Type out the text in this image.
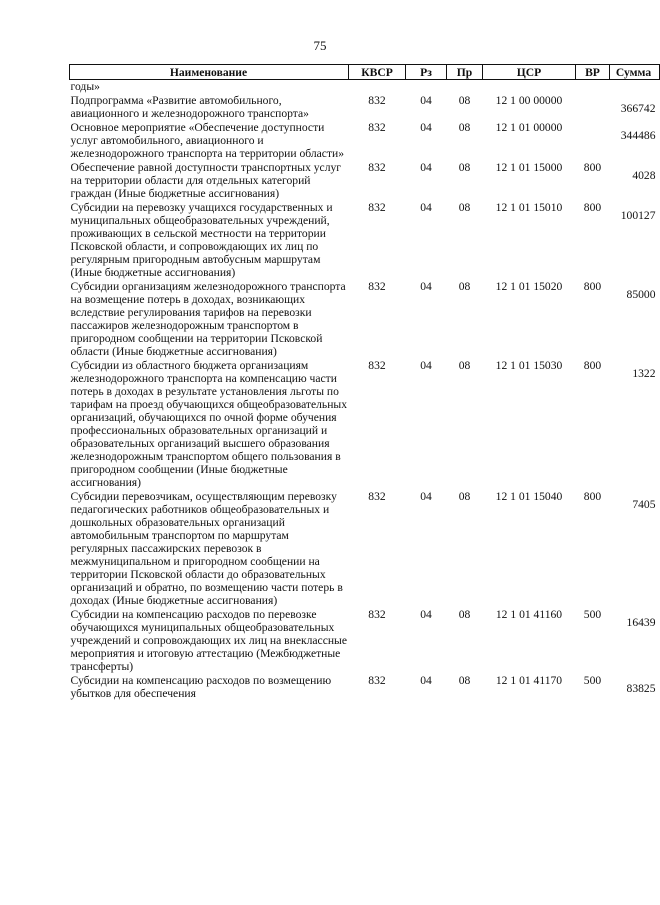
75
Наименование	КВСР	Рз	Пр	ЦСР	ВР	Сумма
годы»						
Подпрограмма «Развитие автомобильного, авиационного и железнодорожного транспорта»	832	04	08	12 1 00 00000		366742
Основное мероприятие «Обеспечение доступности услуг автомобильного, авиационного и железнодорожного транспорта на территории области»	832	04	08	12 1 01 00000		344486
Обеспечение равной доступности транспортных услуг на территории области для отдельных категорий граждан (Иные бюджетные ассигнования)	832	04	08	12 1 01 15000	800	4028
Субсидии на перевозку учащихся государственных и муниципальных общеобразовательных учреждений, проживающих в сельской местности на территории Псковской области, и сопровождающих их лиц по регулярным пригородным автобусным маршрутам (Иные бюджетные ассигнования)	832	04	08	12 1 01 15010	800	100127
Субсидии организациям железнодорожного транспорта на возмещение потерь в доходах, возникающих вследствие регулирования тарифов на перевозки пассажиров железнодорожным транспортом в пригородном сообщении на территории Псковской области (Иные бюджетные ассигнования)	832	04	08	12 1 01 15020	800	85000
Субсидии из областного бюджета организациям железнодорожного транспорта на компенсацию части потерь в доходах в результате установления льготы по тарифам на проезд обучающихся общеобразовательных организаций, обучающихся по очной форме обучения профессиональных образовательных организаций и образовательных организаций высшего образования железнодорожным транспортом общего пользования в пригородном сообщении (Иные бюджетные ассигнования)	832	04	08	12 1 01 15030	800	1322
Субсидии перевозчикам, осуществляющим перевозку педагогических работников общеобразовательных и дошкольных образовательных организаций автомобильным транспортом по маршрутам регулярных пассажирских перевозок в межмуниципальном и пригородном сообщении на территории Псковской области до образовательных организаций и обратно, по возмещению части потерь в доходах (Иные бюджетные ассигнования)	832	04	08	12 1 01 15040	800	7405
Субсидии на компенсацию расходов по перевозке обучающихся муниципальных общеобразовательных учреждений и сопровождающих их лиц на внеклассные мероприятия и итоговую аттестацию (Межбюджетные трансферты)	832	04	08	12 1 01 41160	500	16439
Субсидии на компенсацию расходов по возмещению убытков для обеспечения	832	04	08	12 1 01 41170	500	83825
